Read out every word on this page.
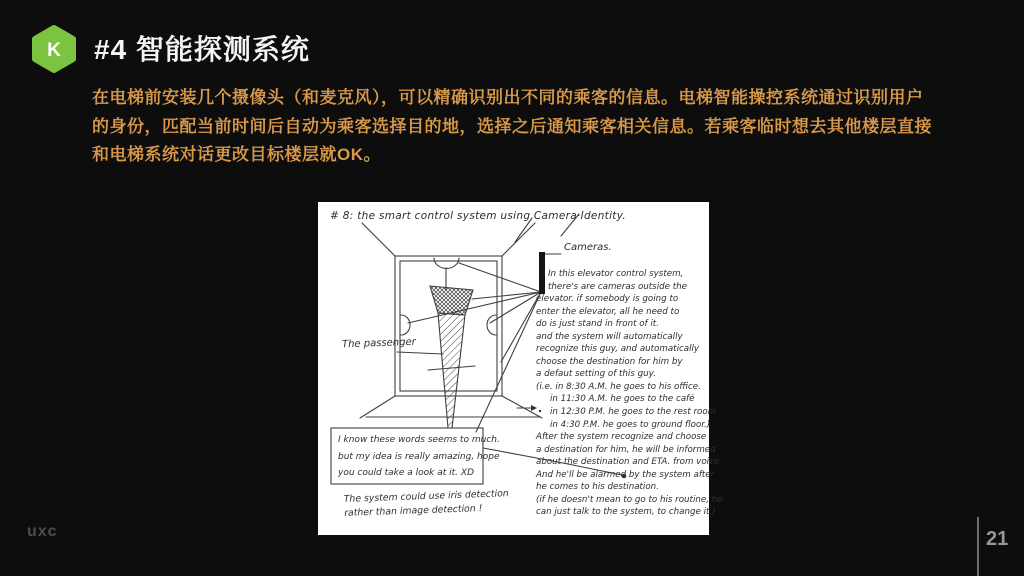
K #4 智能探测系统
在电梯前安装几个摄像头（和麦克风），可以精确识别出不同的乘客的信息。电梯智能操控系统通过识别用户
的身份，匹配当前时间后自动为乘客选择目的地，选择之后通知乘客相关信息。若乘客临时想去其他楼层直接
和电梯系统对话更改目标楼层就OK。
# 8: the smart control system using Camera·Identity.
Cameras.
The passenger
In this elevator control system,
there's are cameras outside the
elevator. if somebody is going to
enter the elevator, all he need to
do is just stand in front of it.
and the system will automatically
recognize this guy, and automatically
choose the destination for him by
a defaut setting of this guy.
(i.e. in 8:30 A.M. he goes to his office.
in 11:30 A.M. he goes to the café
in 12:30 P.M. he goes to the rest room
in 4:30 P.M. he goes to ground floor.)
After the system recognize and choose
a destination for him, he will be informed
about the destination and ETA. from voice.
And he'll be alarmed by the system after
he comes to his destination.
(if he doesn't mean to go to his routine, he
can just talk to the system, to change it.)
I know these words seems to much.
but my idea is really amazing, hope
you could take a look at it. XD
The system could use iris detection
rather than image detection !
uxc	21
